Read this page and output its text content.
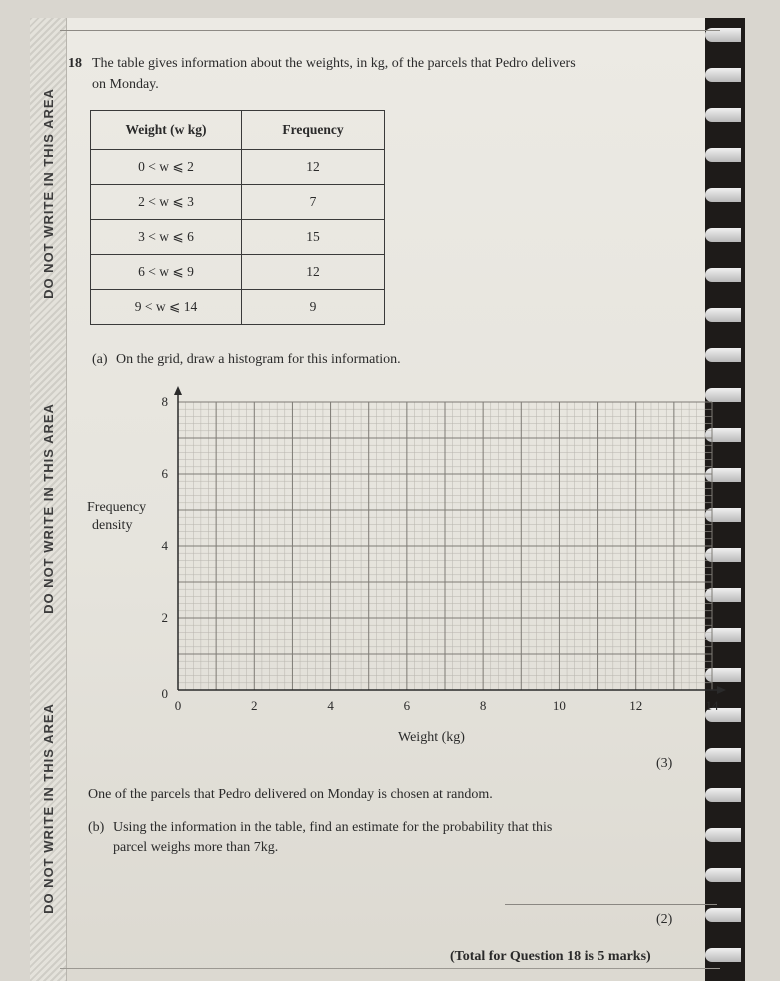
DO NOT WRITE IN THIS AREA
DO NOT WRITE IN THIS AREA
DO NOT WRITE IN THIS AREA
18 The table gives information about the weights, in kg, of the parcels that Pedro delivers
on Monday.
Weight (w kg)	Frequency
0 < w ⩽ 2	12
2 < w ⩽ 3	7
3 < w ⩽ 6	15
6 < w ⩽ 9	12
9 < w ⩽ 14	9
(a) On the grid, draw a histogram for this information.
Frequency
density
0	2	4	6	8	10	12	14
2
4
6
8
0
Weight (kg)
(3)
One of the parcels that Pedro delivered on Monday is chosen at random.
(b) Using the information in the table, find an estimate for the probability that this
parcel weighs more than 7kg.
(2)
(Total for Question 18 is 5 marks)
